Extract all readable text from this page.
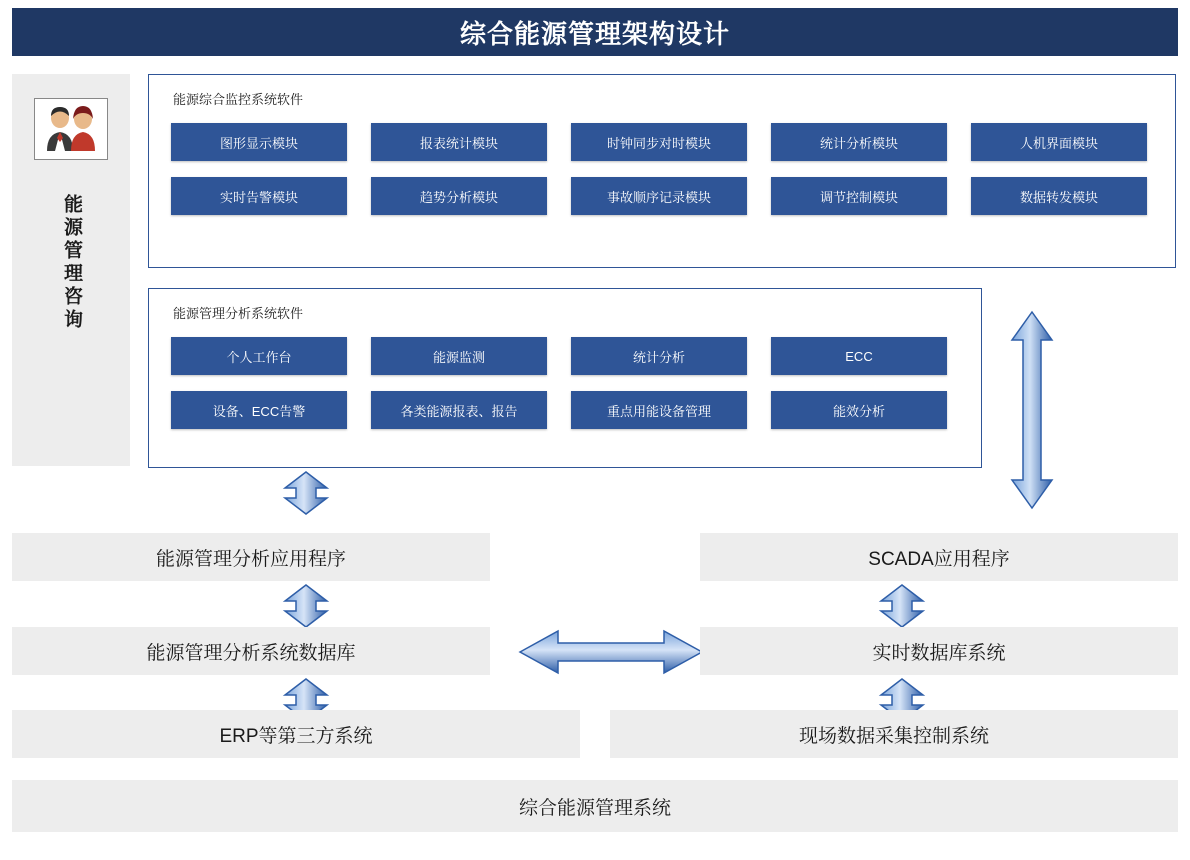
综合能源管理架构设计
能源管理咨询
能源综合监控系统软件
图形显示模块	报表统计模块	时钟同步对时模块	统计分析模块	人机界面模块
实时告警模块	趋势分析模块	事故顺序记录模块	调节控制模块	数据转发模块
能源管理分析系统软件
个人工作台	能源监测	统计分析	ECC
设备、ECC告警	各类能源报表、报告	重点用能设备管理	能效分析
能源管理分析应用程序	SCADA应用程序
能源管理分析系统数据库	实时数据库系统
ERP等第三方系统	现场数据采集控制系统
综合能源管理系统
